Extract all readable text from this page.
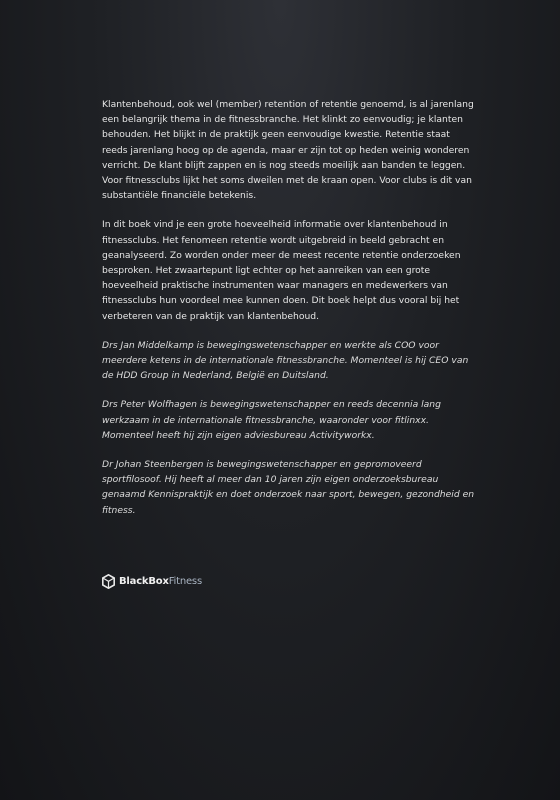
Klantenbehoud, ook wel (member) retention of retentie genoemd, is al jarenlang een belangrijk thema in de fitnessbranche. Het klinkt zo eenvoudig; je klanten behouden. Het blijkt in de praktijk geen eenvoudige kwestie. Retentie staat reeds jarenlang hoog op de agenda, maar er zijn tot op heden weinig wonderen verricht. De klant blijft zappen en is nog steeds moeilijk aan banden te leggen. Voor fitnessclubs lijkt het soms dweilen met de kraan open. Voor clubs is dit van substantiële financiële betekenis.

In dit boek vind je een grote hoeveelheid informatie over klantenbehoud in fitnessclubs. Het fenomeen retentie wordt uitgebreid in beeld gebracht en geanalyseerd. Zo worden onder meer de meest recente retentie onderzoeken besproken. Het zwaartepunt ligt echter op het aanreiken van een grote hoeveelheid praktische instrumenten waar managers en medewerkers van fitnessclubs hun voordeel mee kunnen doen. Dit boek helpt dus vooral bij het verbeteren van de praktijk van klantenbehoud.

Drs Jan Middelkamp is bewegingswetenschapper en werkte als COO voor meerdere ketens in de internationale fitnessbranche. Momenteel is hij CEO van de HDD Group in Nederland, België en Duitsland.

Drs Peter Wolfhagen is bewegingswetenschapper en reeds decennia lang werkzaam in de internationale fitnessbranche, waaronder voor fitlinxx. Momenteel heeft hij zijn eigen adviesbureau Activityworkx.

Dr Johan Steenbergen is bewegingswetenschapper en gepromoveerd sportfilosoof. Hij heeft al meer dan 10 jaren zijn eigen onderzoeksbureau genaamd Kennispraktijk en doet onderzoek naar sport, bewegen, gezondheid en fitness.

BlackBoxFitness
